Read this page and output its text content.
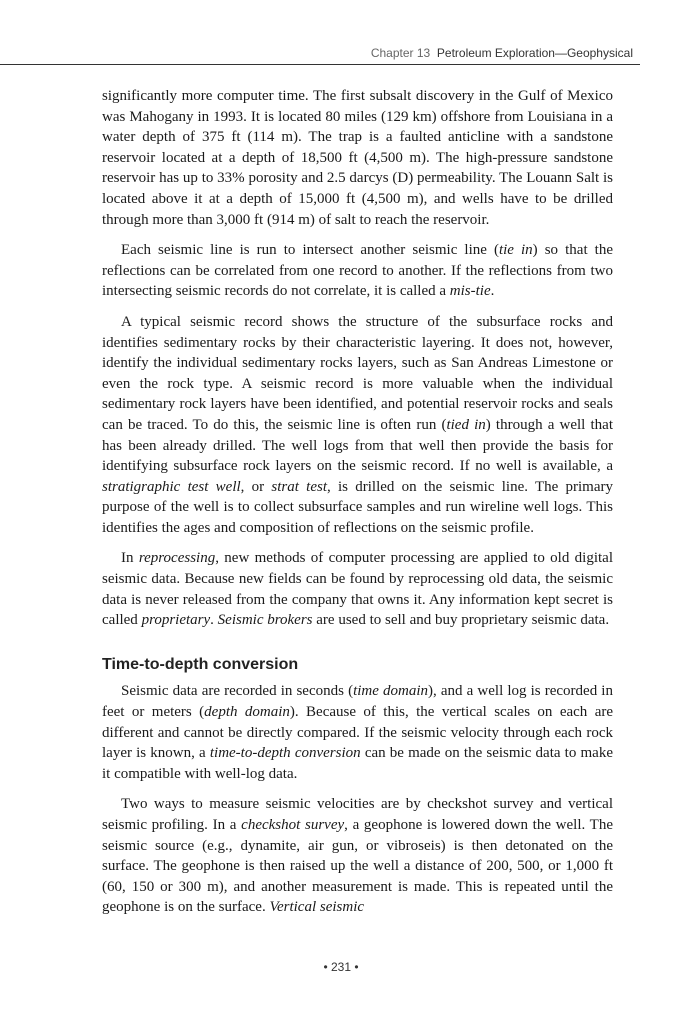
Chapter 13 Petroleum Exploration—Geophysical

significantly more computer time. The first subsalt discovery in the Gulf of Mexico was Mahogany in 1993. It is located 80 miles (129 km) offshore from Louisiana in a water depth of 375 ft (114 m). The trap is a faulted anticline with a sandstone reservoir located at a depth of 18,500 ft (4,500 m). The high-pressure sandstone reservoir has up to 33% porosity and 2.5 darcys (D) permeability. The Louann Salt is located above it at a depth of 15,000 ft (4,500 m), and wells have to be drilled through more than 3,000 ft (914 m) of salt to reach the reservoir.

Each seismic line is run to intersect another seismic line (tie in) so that the reflections can be correlated from one record to another. If the reflections from two intersecting seismic records do not correlate, it is called a mis-tie.

A typical seismic record shows the structure of the subsurface rocks and identifies sedimentary rocks by their characteristic layering. It does not, however, identify the individual sedimentary rocks layers, such as San Andreas Limestone or even the rock type. A seismic record is more valuable when the individual sedimentary rock layers have been identified, and potential reservoir rocks and seals can be traced. To do this, the seismic line is often run (tied in) through a well that has been already drilled. The well logs from that well then provide the basis for identifying subsurface rock layers on the seismic record. If no well is available, a stratigraphic test well, or strat test, is drilled on the seismic line. The primary purpose of the well is to collect subsurface samples and run wireline well logs. This identifies the ages and composition of reflections on the seismic profile.

In reprocessing, new methods of computer processing are applied to old digital seismic data. Because new fields can be found by reprocessing old data, the seismic data is never released from the company that owns it. Any information kept secret is called proprietary. Seismic brokers are used to sell and buy proprietary seismic data.

Time-to-depth conversion

Seismic data are recorded in seconds (time domain), and a well log is recorded in feet or meters (depth domain). Because of this, the vertical scales on each are different and cannot be directly compared. If the seismic velocity through each rock layer is known, a time-to-depth conversion can be made on the seismic data to make it compatible with well-log data.

Two ways to measure seismic velocities are by checkshot survey and vertical seismic profiling. In a checkshot survey, a geophone is lowered down the well. The seismic source (e.g., dynamite, air gun, or vibroseis) is then detonated on the surface. The geophone is then raised up the well a distance of 200, 500, or 1,000 ft (60, 150 or 300 m), and another measurement is made. This is repeated until the geophone is on the surface. Vertical seismic

• 231 •
